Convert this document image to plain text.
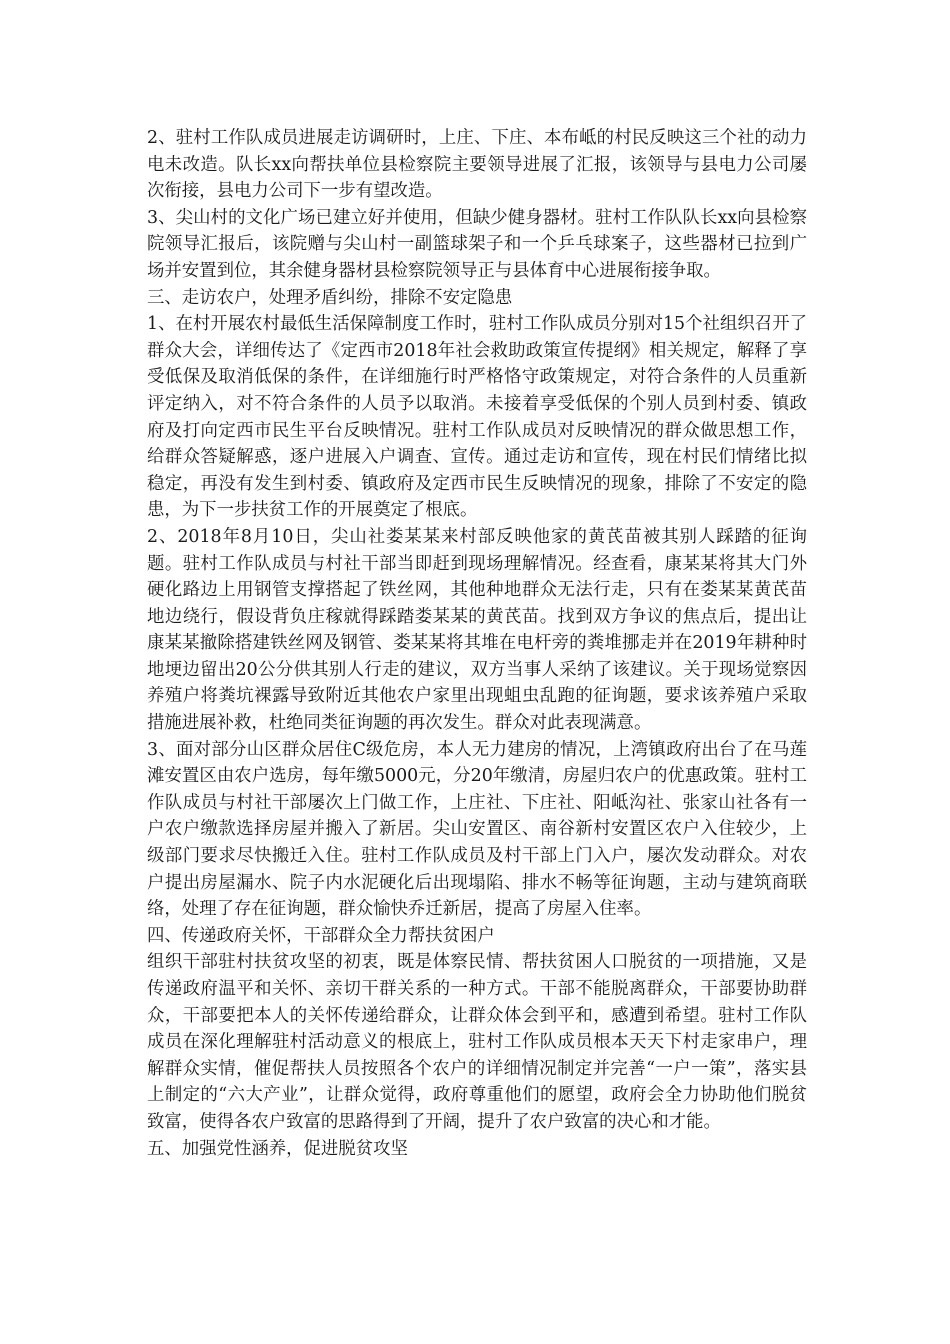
2、驻村工作队成员进展走访调研时，上庄、下庄、本布岻的村民反映这三个社的动力电未改造。队长xx向帮扶单位县检察院主要领导进展了汇报，该领导与县电力公司屡次衔接，县电力公司下一步有望改造。

3、尖山村的文化广场已建立好并使用，但缺少健身器材。驻村工作队队长xx向县检察院领导汇报后，该院赠与尖山村一副篮球架子和一个乒乓球案子，这些器材已拉到广场并安置到位，其余健身器材县检察院领导正与县体育中心进展衔接争取。

三、走访农户，处理矛盾纠纷，排除不安定隐患

1、在村开展农村最低生活保障制度工作时，驻村工作队成员分别对15个社组织召开了群众大会，详细传达了《定西市2018年社会救助政策宣传提纲》相关规定，解释了享受低保及取消低保的条件，在详细施行时严格恪守政策规定，对符合条件的人员重新评定纳入，对不符合条件的人员予以取消。未接着享受低保的个别人员到村委、镇政府及打向定西市民生平台反映情况。驻村工作队成员对反映情况的群众做思想工作，给群众答疑解惑，逐户进展入户调查、宣传。通过走访和宣传，现在村民们情绪比拟稳定，再没有发生到村委、镇政府及定西市民生反映情况的现象，排除了不安定的隐患，为下一步扶贫工作的开展奠定了根底。

2、2018年8月10日，尖山社娄某某来村部反映他家的黄芪苗被其别人踩踏的征询题。驻村工作队成员与村社干部当即赶到现场理解情况。经查看，康某某将其大门外硬化路边上用钢管支撑搭起了铁丝网，其他种地群众无法行走，只有在娄某某黄芪苗地边绕行，假设背负庄稼就得踩踏娄某某的黄芪苗。找到双方争议的焦点后，提出让康某某撤除搭建铁丝网及钢管、娄某某将其堆在电杆旁的粪堆挪走并在2019年耕种时地埂边留出20公分供其别人行走的建议，双方当事人采纳了该建议。关于现场觉察因养殖户将粪坑裸露导致附近其他农户家里出现蛆虫乱跑的征询题，要求该养殖户采取措施进展补救，杜绝同类征询题的再次发生。群众对此表现满意。

3、面对部分山区群众居住C级危房，本人无力建房的情况，上湾镇政府出台了在马莲滩安置区由农户选房，每年缴5000元，分20年缴清，房屋归农户的优惠政策。驻村工作队成员与村社干部屡次上门做工作，上庄社、下庄社、阳岻沟社、张家山社各有一户农户缴款选择房屋并搬入了新居。尖山安置区、南谷新村安置区农户入住较少，上级部门要求尽快搬迁入住。驻村工作队成员及村干部上门入户，屡次发动群众。对农户提出房屋漏水、院子内水泥硬化后出现塌陷、排水不畅等征询题，主动与建筑商联络，处理了存在征询题，群众愉快乔迁新居，提高了房屋入住率。

四、传递政府关怀，干部群众全力帮扶贫困户

组织干部驻村扶贫攻坚的初衷，既是体察民情、帮扶贫困人口脱贫的一项措施，又是传递政府温平和关怀、亲切干群关系的一种方式。干部不能脱离群众，干部要协助群众，干部要把本人的关怀传递给群众，让群众体会到平和，感遭到希望。驻村工作队成员在深化理解驻村活动意义的根底上，驻村工作队成员根本天天下村走家串户，理解群众实情，催促帮扶人员按照各个农户的详细情况制定并完善“一户一策”，落实县上制定的“六大产业”，让群众觉得，政府尊重他们的愿望，政府会全力协助他们脱贫致富，使得各农户致富的思路得到了开阔，提升了农户致富的决心和才能。

五、加强党性涵养，促进脱贫攻坚
